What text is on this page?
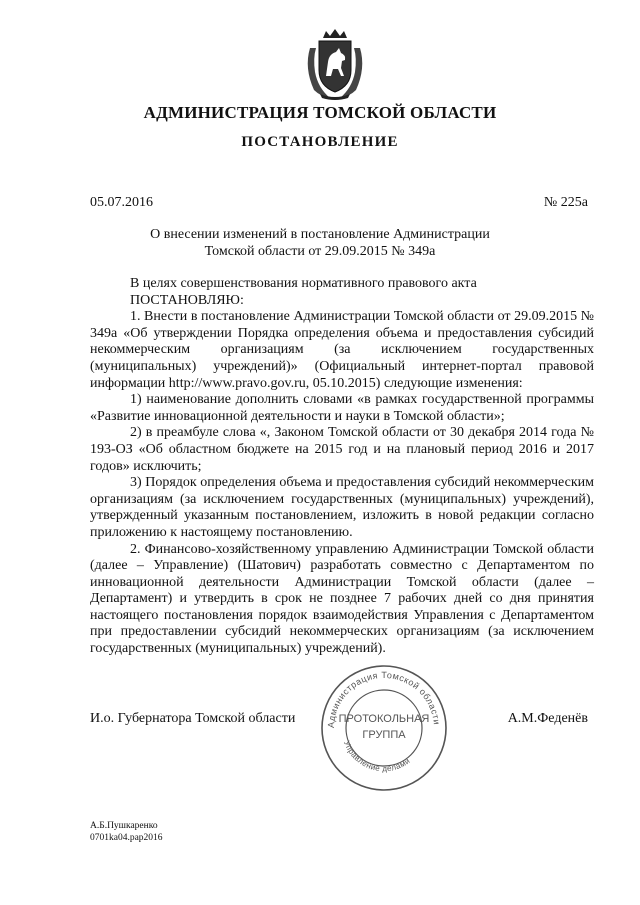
АДМИНИСТРАЦИЯ ТОМСКОЙ ОБЛАСТИ
ПОСТАНОВЛЕНИЕ
05.07.2016	№ 225а
О внесении изменений в постановление Администрации
Томской области от 29.09.2015 № 349а

В целях совершенствования нормативного правового акта

ПОСТАНОВЛЯЮ:

1. Внести в постановление Администрации Томской области от 29.09.2015 № 349а «Об утверждении Порядка определения объема и предоставления субсидий некоммерческим организациям (за исключением государственных (муниципальных) учреждений)» (Официальный интернет-портал правовой информации http://www.pravo.gov.ru, 05.10.2015) следующие изменения:

1) наименование дополнить словами «в рамках государственной программы «Развитие инновационной деятельности и науки в Томской области»;

2) в преамбуле слова «, Законом Томской области от 30 декабря 2014 года № 193-ОЗ «Об областном бюджете на 2015 год и на плановый период 2016 и 2017 годов» исключить;

3) Порядок определения объема и предоставления субсидий некоммерческим организациям (за исключением государственных (муниципальных) учреждений), утвержденный указанным постановлением, изложить в новой редакции согласно приложению к настоящему постановлению.

2. Финансово-хозяйственному управлению Администрации Томской области (далее – Управление) (Шатович) разработать совместно с Департаментом по инновационной деятельности Администрации Томской области (далее – Департамент) и утвердить в срок не позднее 7 рабочих дней со дня принятия настоящего постановления порядок взаимодействия Управления с Департаментом при предоставлении субсидий некоммерческих организациям (за исключением государственных (муниципальных) учреждений).

И.о. Губернатора Томской области	А.М.Феденёв
Администрация Томской области
Управление делами
ПРОТОКОЛЬНАЯ
ГРУППА
А.Б.Пушкаренко
0701ka04.pap2016
